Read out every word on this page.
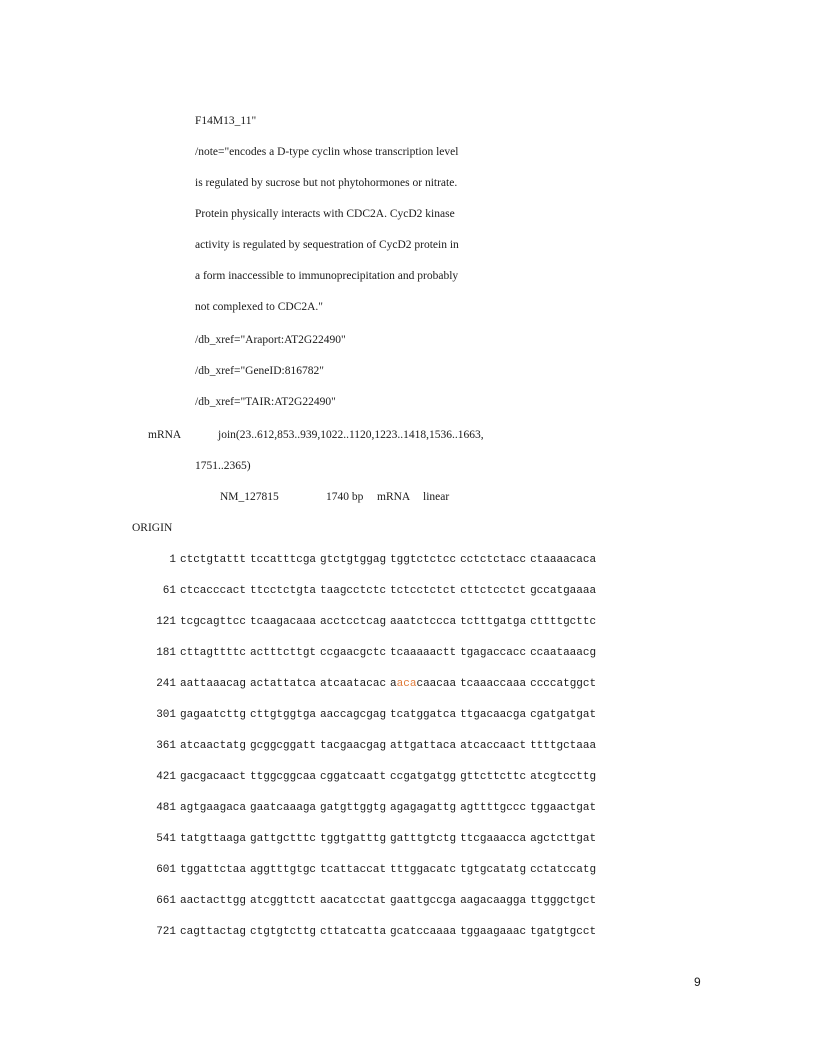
F14M13_11"
/note="encodes a D-type cyclin whose transcription level
is regulated by sucrose but not phytohormones or nitrate.
Protein physically interacts with CDC2A. CycD2 kinase
activity is regulated by sequestration of CycD2 protein in
a form inaccessible to immunoprecipitation and probably
not complexed to CDC2A."
/db_xref="Araport:AT2G22490"
/db_xref="GeneID:816782"
/db_xref="TAIR:AT2G22490"
mRNA	join(23..612,853..939,1022..1120,1223..1418,1536..1663,
1751..2365)
NM_127815	1740 bp mRNA linear
ORIGIN
1 ctctgtattt tccatttcga gtctgtggag tggtctctcc cctctctacc ctaaaacaca
61 ctcacccact ttcctctgta taagcctctc tctcctctct cttctcctct gccatgaaaa
121 tcgcagttcc tcaagacaaa acctcctcag aaatctccca tctttgatga cttttgcttc
181 cttagttttc actttcttgt ccgaacgctc tcaaaaactt tgagaccacc ccaataaacg
241 aattaaacag actattatca atcaatacac aacacaacaa tcaaaccaaa ccccatggct
301 gagaatcttg cttgtggtga aaccagcgag tcatggatca ttgacaacga cgatgatgat
361 atcaactatg gcggcggatt tacgaacgag attgattaca atcaccaact ttttgctaaa
421 gacgacaact ttggcggcaa cggatcaatt ccgatgatgg gttcttcttc atcgtccttg
481 agtgaagaca gaatcaaaga gatgttggtg agagagattg agttttgccc tggaactgat
541 tatgttaaga gattgctttc tggtgatttg gatttgtctg ttcgaaacca agctcttgat
601 tggattctaa aggtttgtgc tcattaccat tttggacatc tgtgcatatg cctatccatg
661 aactacttgg atcggttctt aacatcctat gaattgccga aagacaagga ttgggctgct
721 cagttactag ctgtgtcttg cttatcatta gcatccaaaa tggaagaaac tgatgtgcct
9
